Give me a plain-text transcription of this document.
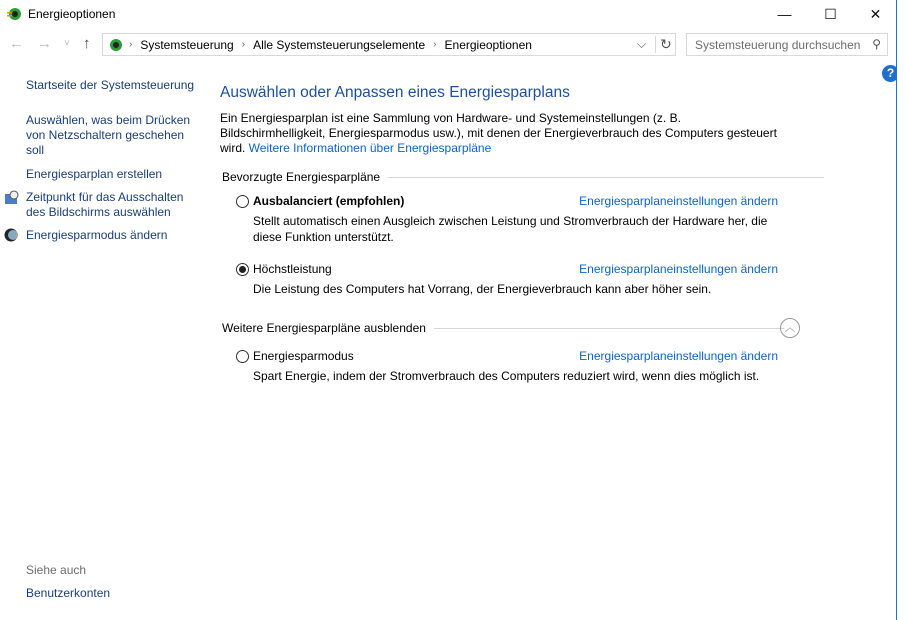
Energieoptionen	—	☐	✕
← → ˅ ↑	› Systemsteuerung › Alle Systemsteuerungselemente › Energieoptionen	⌵ ↻	Systemsteuerung durchsuchen ⚲
?
Startseite der Systemsteuerung
Auswählen, was beim Drücken von Netzschaltern geschehen soll
Energiesparplan erstellen
Zeitpunkt für das Ausschalten des Bildschirms auswählen
Energiesparmodus ändern
Siehe auch
Benutzerkonten
Auswählen oder Anpassen eines Energiesparplans
Ein Energiesparplan ist eine Sammlung von Hardware- und Systemeinstellungen (z. B. Bildschirmhelligkeit, Energiesparmodus usw.), mit denen der Energieverbrauch des Computers gesteuert wird. Weitere Informationen über Energiesparpläne
Bevorzugte Energiesparpläne
Ausbalanciert (empfohlen)	Energiesparplaneinstellungen ändern
Stellt automatisch einen Ausgleich zwischen Leistung und Stromverbrauch der Hardware her, die diese Funktion unterstützt.
Höchstleistung	Energiesparplaneinstellungen ändern
Die Leistung des Computers hat Vorrang, der Energieverbrauch kann aber höher sein.
Weitere Energiesparpläne ausblenden	︿
Energiesparmodus	Energiesparplaneinstellungen ändern
Spart Energie, indem der Stromverbrauch des Computers reduziert wird, wenn dies möglich ist.
